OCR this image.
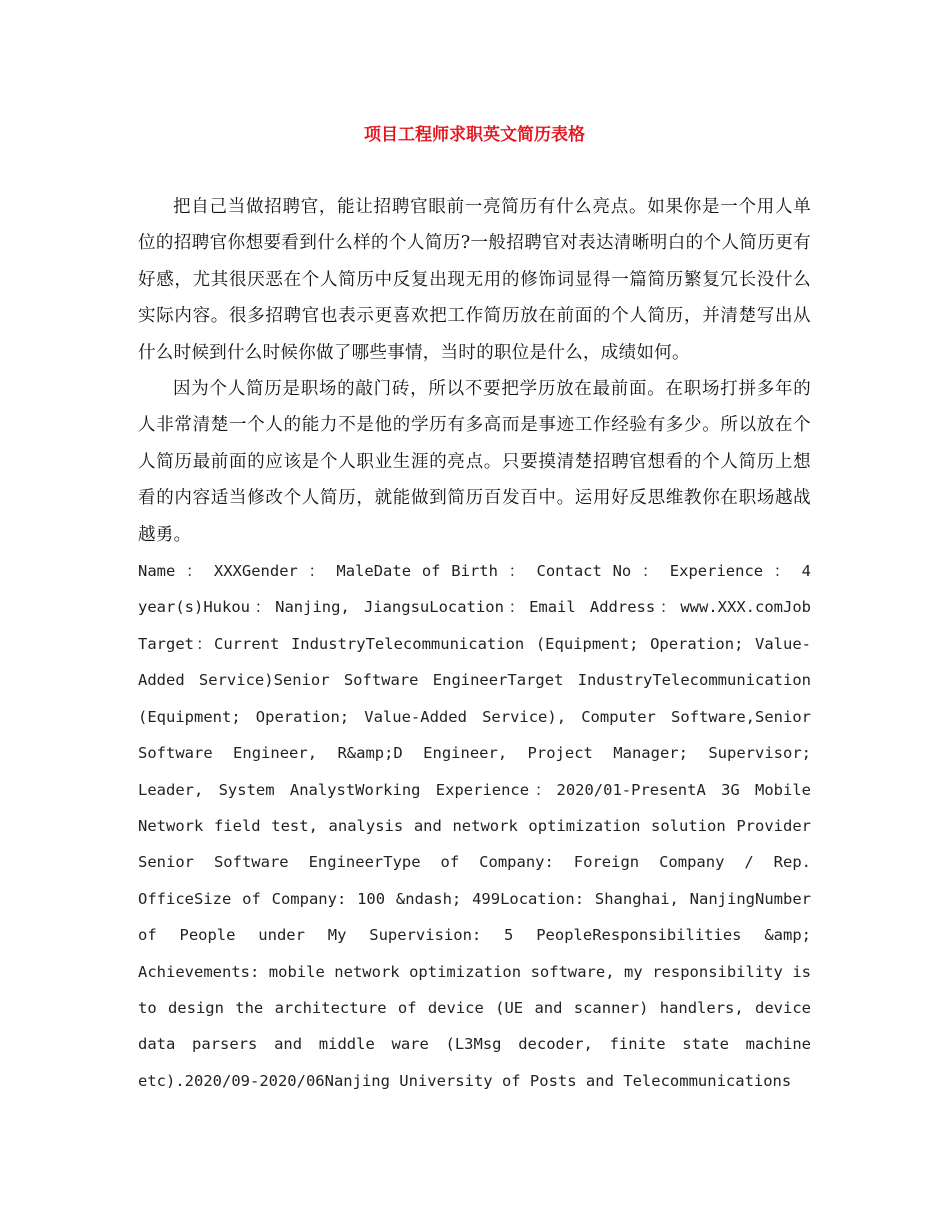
项目工程师求职英文简历表格

把自己当做招聘官，能让招聘官眼前一亮简历有什么亮点。如果你是一个用人单位的招聘官你想要看到什么样的个人简历?一般招聘官对表达清晰明白的个人简历更有好感，尤其很厌恶在个人简历中反复出现无用的修饰词显得一篇简历繁复冗长没什么实际内容。很多招聘官也表示更喜欢把工作简历放在前面的个人简历，并清楚写出从什么时候到什么时候你做了哪些事情，当时的职位是什么，成绩如何。

因为个人简历是职场的敲门砖，所以不要把学历放在最前面。在职场打拼多年的人非常清楚一个人的能力不是他的学历有多高而是事迹工作经验有多少。所以放在个人简历最前面的应该是个人职业生涯的亮点。只要摸清楚招聘官想看的个人简历上想看的内容适当修改个人简历，就能做到简历百发百中。运用好反思维教你在职场越战越勇。

Name ： XXXGender ： MaleDate of Birth ： Contact No ： Experience ： 4 year(s)Hukou：Nanjing, JiangsuLocation：Email Address：www.XXX.comJob Target：Current IndustryTelecommunication (Equipment; Operation; Value-Added Service)Senior Software EngineerTarget IndustryTelecommunication (Equipment; Operation; Value-Added Service), Computer Software,Senior Software Engineer, R&amp;D Engineer, Project Manager; Supervisor; Leader, System AnalystWorking Experience：2020/01-PresentA 3G Mobile Network field test, analysis and network optimization solution Provider Senior Software EngineerType of Company: Foreign Company / Rep. OfficeSize of Company: 100 &ndash; 499Location: Shanghai, NanjingNumber of People under My Supervision: 5 PeopleResponsibilities &amp; Achievements: mobile network optimization software, my responsibility is to design the architecture of device (UE and scanner) handlers, device data parsers and middle ware (L3Msg decoder, finite state machine etc).2020/09-2020/06Nanjing University of Posts and Telecommunications
